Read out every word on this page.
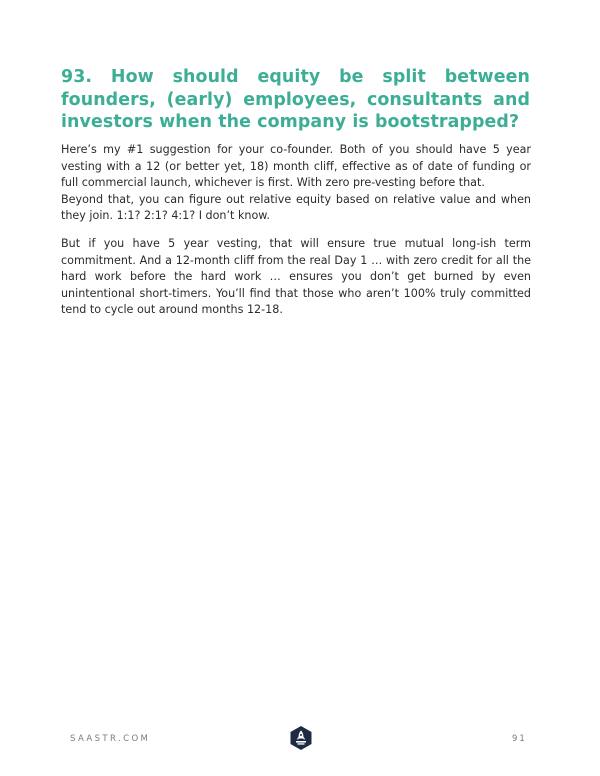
93. How should equity be split between founders, (early) employees, consultants and investors when the company is bootstrapped?
Here’s my #1 suggestion for your co-founder. Both of you should have 5 year vesting with a 12 (or better yet, 18) month cliff, effective as of date of funding or full commercial launch, whichever is first. With zero pre-vesting before that.
Beyond that, you can figure out relative equity based on relative value and when they join. 1:1? 2:1? 4:1? I don’t know.
But if you have 5 year vesting, that will ensure true mutual long-ish term commitment. And a 12-month cliff from the real Day 1 … with zero credit for all the hard work before the hard work … ensures you don’t get burned by even unintentional short-timers. You’ll find that those who aren’t 100% truly committed tend to cycle out around months 12-18.
SAASTR.COM	91
